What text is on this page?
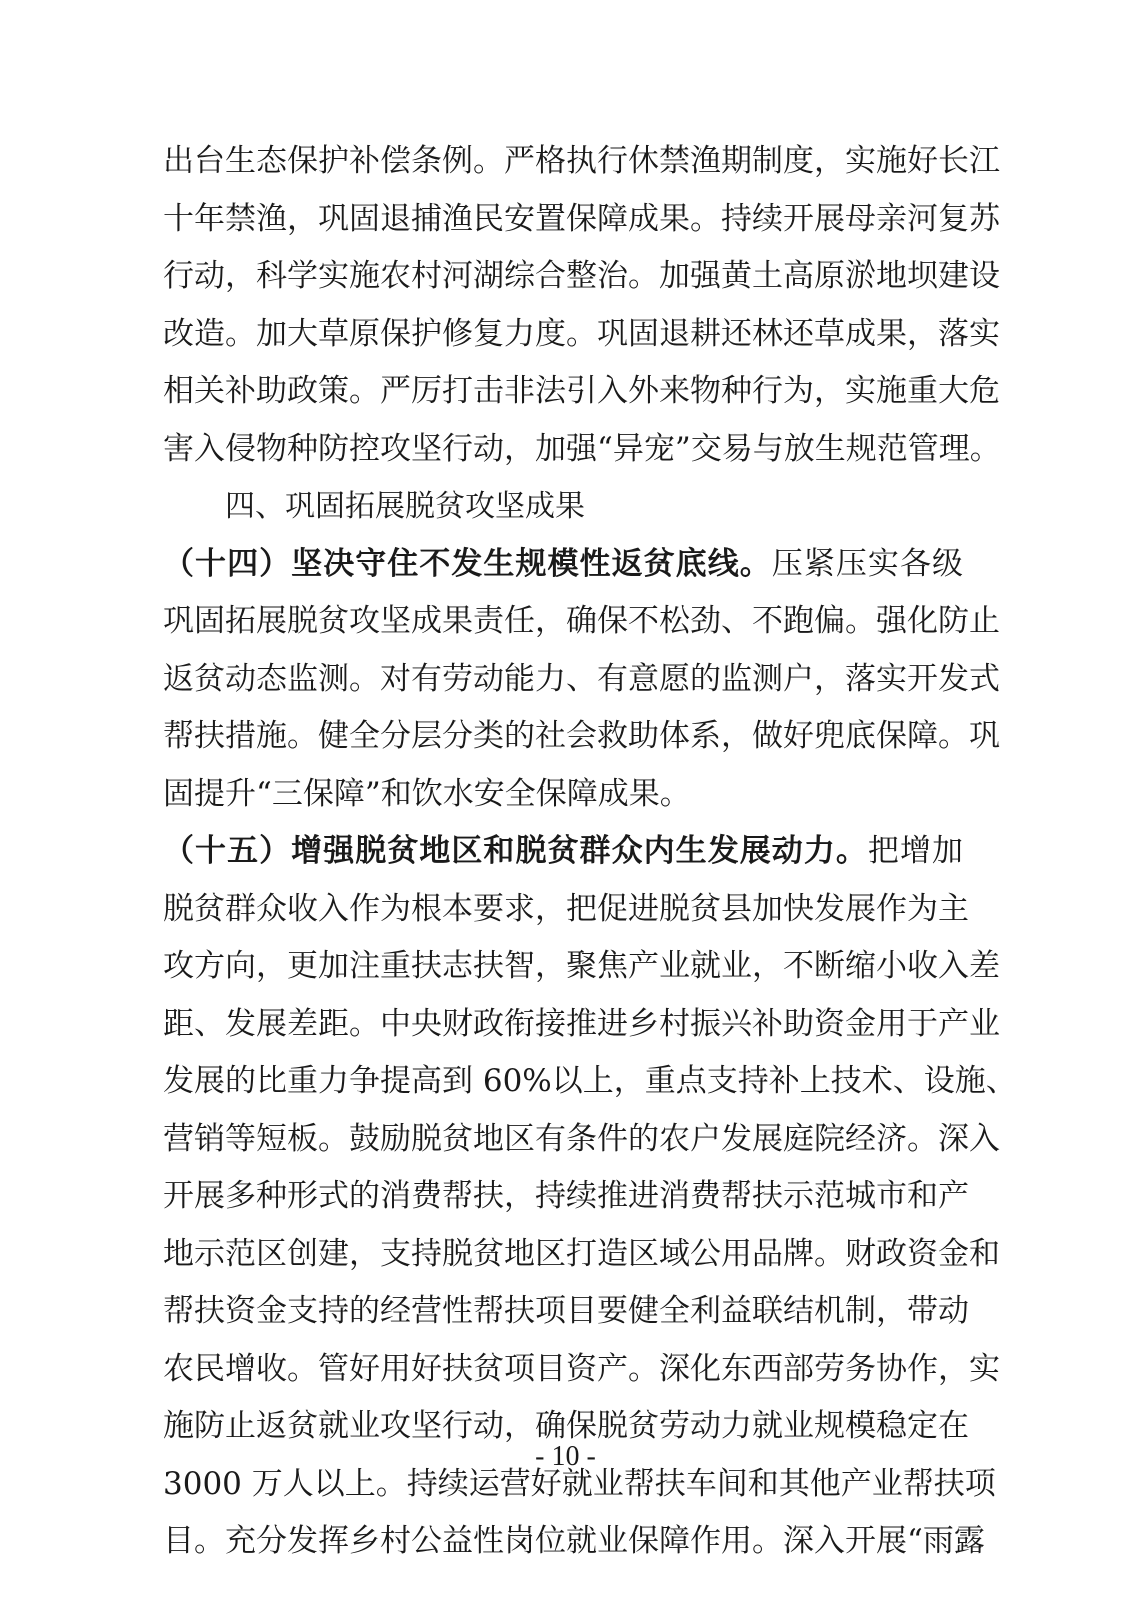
出台生态保护补偿条例。严格执行休禁渔期制度，实施好长江
十年禁渔，巩固退捕渔民安置保障成果。持续开展母亲河复苏
行动，科学实施农村河湖综合整治。加强黄土高原淤地坝建设
改造。加大草原保护修复力度。巩固退耕还林还草成果，落实
相关补助政策。严厉打击非法引入外来物种行为，实施重大危
害入侵物种防控攻坚行动，加强“异宠”交易与放生规范管理。
四、巩固拓展脱贫攻坚成果
（十四）坚决守住不发生规模性返贫底线。压紧压实各级
巩固拓展脱贫攻坚成果责任，确保不松劲、不跑偏。强化防止
返贫动态监测。对有劳动能力、有意愿的监测户，落实开发式
帮扶措施。健全分层分类的社会救助体系，做好兜底保障。巩
固提升“三保障”和饮水安全保障成果。
（十五）增强脱贫地区和脱贫群众内生发展动力。把增加
脱贫群众收入作为根本要求，把促进脱贫县加快发展作为主
攻方向，更加注重扶志扶智，聚焦产业就业，不断缩小收入差
距、发展差距。中央财政衔接推进乡村振兴补助资金用于产业
发展的比重力争提高到 60%以上，重点支持补上技术、设施、
营销等短板。鼓励脱贫地区有条件的农户发展庭院经济。深入
开展多种形式的消费帮扶，持续推进消费帮扶示范城市和产
地示范区创建，支持脱贫地区打造区域公用品牌。财政资金和
帮扶资金支持的经营性帮扶项目要健全利益联结机制，带动
农民增收。管好用好扶贫项目资产。深化东西部劳务协作，实
施防止返贫就业攻坚行动，确保脱贫劳动力就业规模稳定在
3000 万人以上。持续运营好就业帮扶车间和其他产业帮扶项
目。充分发挥乡村公益性岗位就业保障作用。深入开展“雨露
- 10 -
